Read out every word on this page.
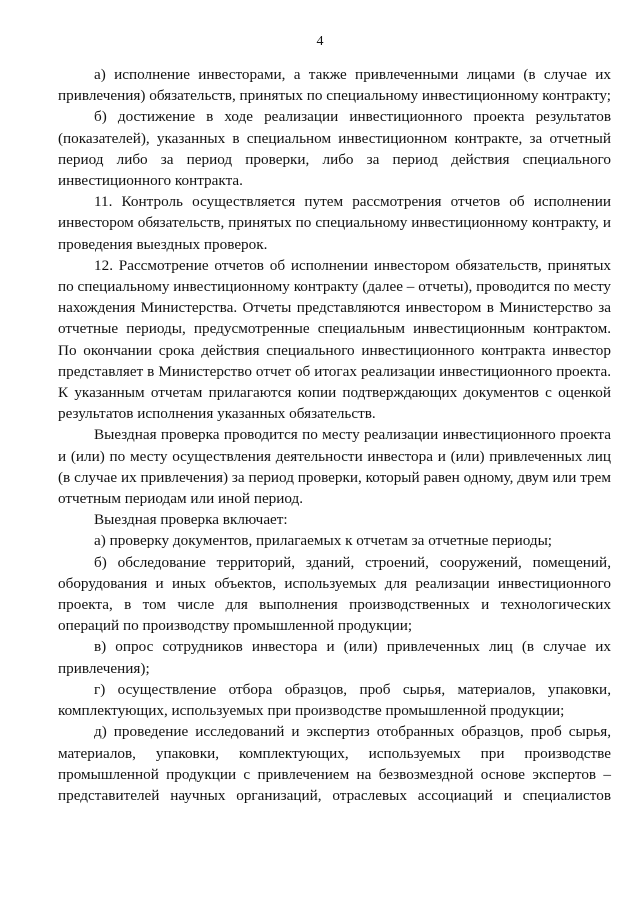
4

а) исполнение инвесторами, а также привлеченными лицами (в случае их привлечения) обязательств, принятых по специальному инвестиционному контракту;

б) достижение в ходе реализации инвестиционного проекта результатов (показателей), указанных в специальном инвестиционном контракте, за отчетный период либо за период проверки, либо за период действия специального инвестиционного контракта.

11. Контроль осуществляется путем рассмотрения отчетов об исполнении инвестором обязательств, принятых по специальному инвестиционному контракту, и проведения выездных проверок.

12. Рассмотрение отчетов об исполнении инвестором обязательств, принятых по специальному инвестиционному контракту (далее – отчеты), проводится по месту нахождения Министерства. Отчеты представляются инвестором в Министерство за отчетные периоды, предусмотренные специальным инвестиционным контрактом. По окончании срока действия специального инвестиционного контракта инвестор представляет в Министерство отчет об итогах реализации инвестиционного проекта. К указанным отчетам прилагаются копии подтверждающих документов с оценкой результатов исполнения указанных обязательств.

Выездная проверка проводится по месту реализации инвестиционного проекта и (или) по месту осуществления деятельности инвестора и (или) привлеченных лиц (в случае их привлечения) за период проверки, который равен одному, двум или трем отчетным периодам или иной период.

Выездная проверка включает:

а) проверку документов, прилагаемых к отчетам за отчетные периоды;

б) обследование территорий, зданий, строений, сооружений, помещений, оборудования и иных объектов, используемых для реализации инвестиционного проекта, в том числе для выполнения производственных и технологических операций по производству промышленной продукции;

в) опрос сотрудников инвестора и (или) привлеченных лиц (в случае их привлечения);

г) осуществление отбора образцов, проб сырья, материалов, упаковки, комплектующих, используемых при производстве промышленной продукции;

д) проведение исследований и экспертиз отобранных образцов, проб сырья, материалов, упаковки, комплектующих, используемых при производстве промышленной продукции с привлечением на безвозмездной основе экспертов – представителей научных организаций, отраслевых ассоциаций и специалистов
